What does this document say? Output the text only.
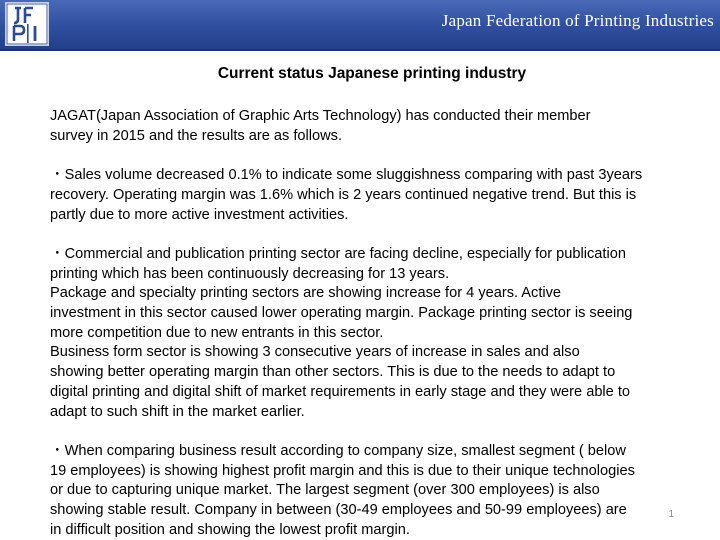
Japan Federation of Printing Industries
Current status Japanese printing industry

JAGAT(Japan Association of Graphic Arts Technology) has conducted their member

survey in 2015 and the results are as follows.

・Sales volume decreased 0.1% to indicate some sluggishness comparing with past 3years

recovery. Operating margin was 1.6% which is 2 years continued negative trend. But this is

partly due to more active investment activities.

・Commercial and publication printing sector are facing decline, especially for publication

printing which has been continuously decreasing for 13 years.

Package and specialty printing sectors are showing increase for 4 years. Active

investment in this sector caused lower operating margin. Package printing sector is seeing

more competition due to new entrants in this sector.

Business form sector is showing 3 consecutive years of increase in sales and also

showing better operating margin than other sectors. This is due to the needs to adapt to

digital printing and digital shift of market requirements in early stage and they were able to

adapt to such shift in the market earlier.

・When comparing business result according to company size, smallest segment ( below

19 employees) is showing highest profit margin and this is due to their unique technologies

or due to capturing unique market. The largest segment (over 300 employees) is also

showing stable result. Company in between (30-49 employees and 50-99 employees) are

in difficult position and showing the lowest profit margin.

1
